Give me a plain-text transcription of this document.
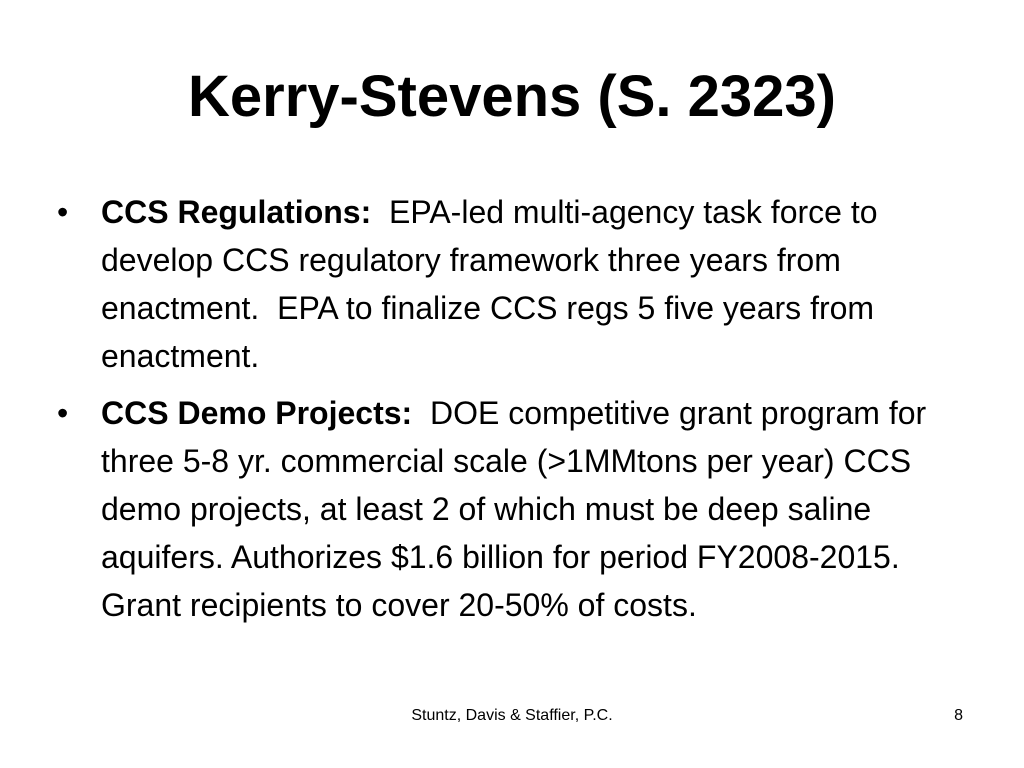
Kerry-Stevens (S. 2323)
•	CCS Regulations:  EPA-led multi-agency task force to develop CCS regulatory framework three years from enactment.  EPA to finalize CCS regs 5 five years from enactment.
•	CCS Demo Projects:  DOE competitive grant program for three 5-8 yr. commercial scale (>1MMtons per year) CCS demo projects, at least 2 of which must be deep saline aquifers. Authorizes $1.6 billion for period FY2008-2015. Grant recipients to cover 20-50% of costs.
Stuntz, Davis & Staffier, P.C.	8
